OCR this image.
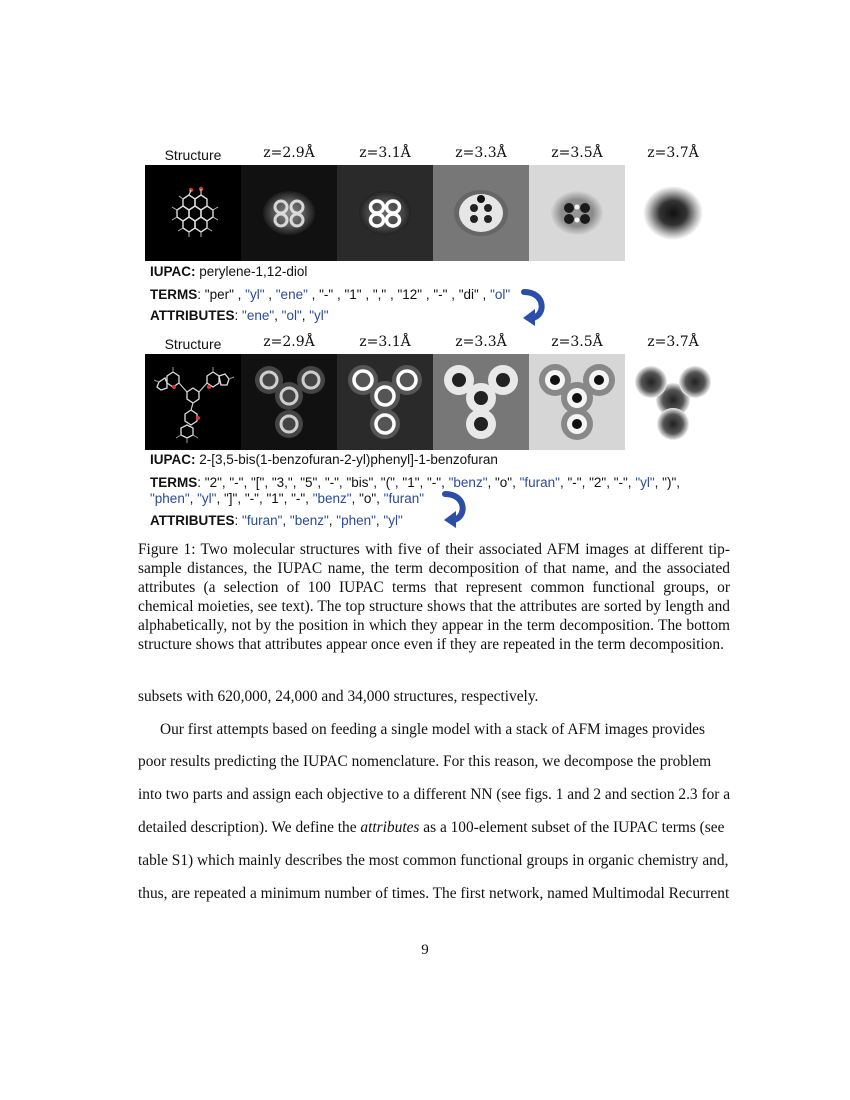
Structure	z=2.9Å	z=3.1Å	z=3.3Å	z=3.5Å	z=3.7Å
IUPAC: perylene-1,12-diol
TERMS: "per" , "yl" , "ene" , "-" , "1" , "," , "12" , "-" , "di" , "ol"
ATTRIBUTES: "ene", "ol", "yl"
Structure	z=2.9Å	z=3.1Å	z=3.3Å	z=3.5Å	z=3.7Å
IUPAC: 2-[3,5-bis(1-benzofuran-2-yl)phenyl]-1-benzofuran
TERMS: "2", "-", "[", "3,", "5", "-", "bis", "(", "1", "-", "benz", "o", "furan", "-", "2", "-", "yl", ")",
"phen", "yl", "]", "-", "1", "-", "benz", "o", "furan"
ATTRIBUTES: "furan", "benz", "phen", "yl"
Figure 1: Two molecular structures with five of their associated AFM images at different tip-sample distances, the IUPAC name, the term decomposition of that name, and the associated attributes (a selection of 100 IUPAC terms that represent common functional groups, or chemical moieties, see text). The top structure shows that the attributes are sorted by length and alphabetically, not by the position in which they appear in the term decomposition. The bottom structure shows that attributes appear once even if they are repeated in the term decomposition.
subsets with 620,000, 24,000 and 34,000 structures, respectively.
Our first attempts based on feeding a single model with a stack of AFM images provides
poor results predicting the IUPAC nomenclature. For this reason, we decompose the problem
into two parts and assign each objective to a different NN (see figs. 1 and 2 and section 2.3 for a
detailed description). We define the attributes as a 100-element subset of the IUPAC terms (see
table S1) which mainly describes the most common functional groups in organic chemistry and,
thus, are repeated a minimum number of times. The first network, named Multimodal Recurrent
9
